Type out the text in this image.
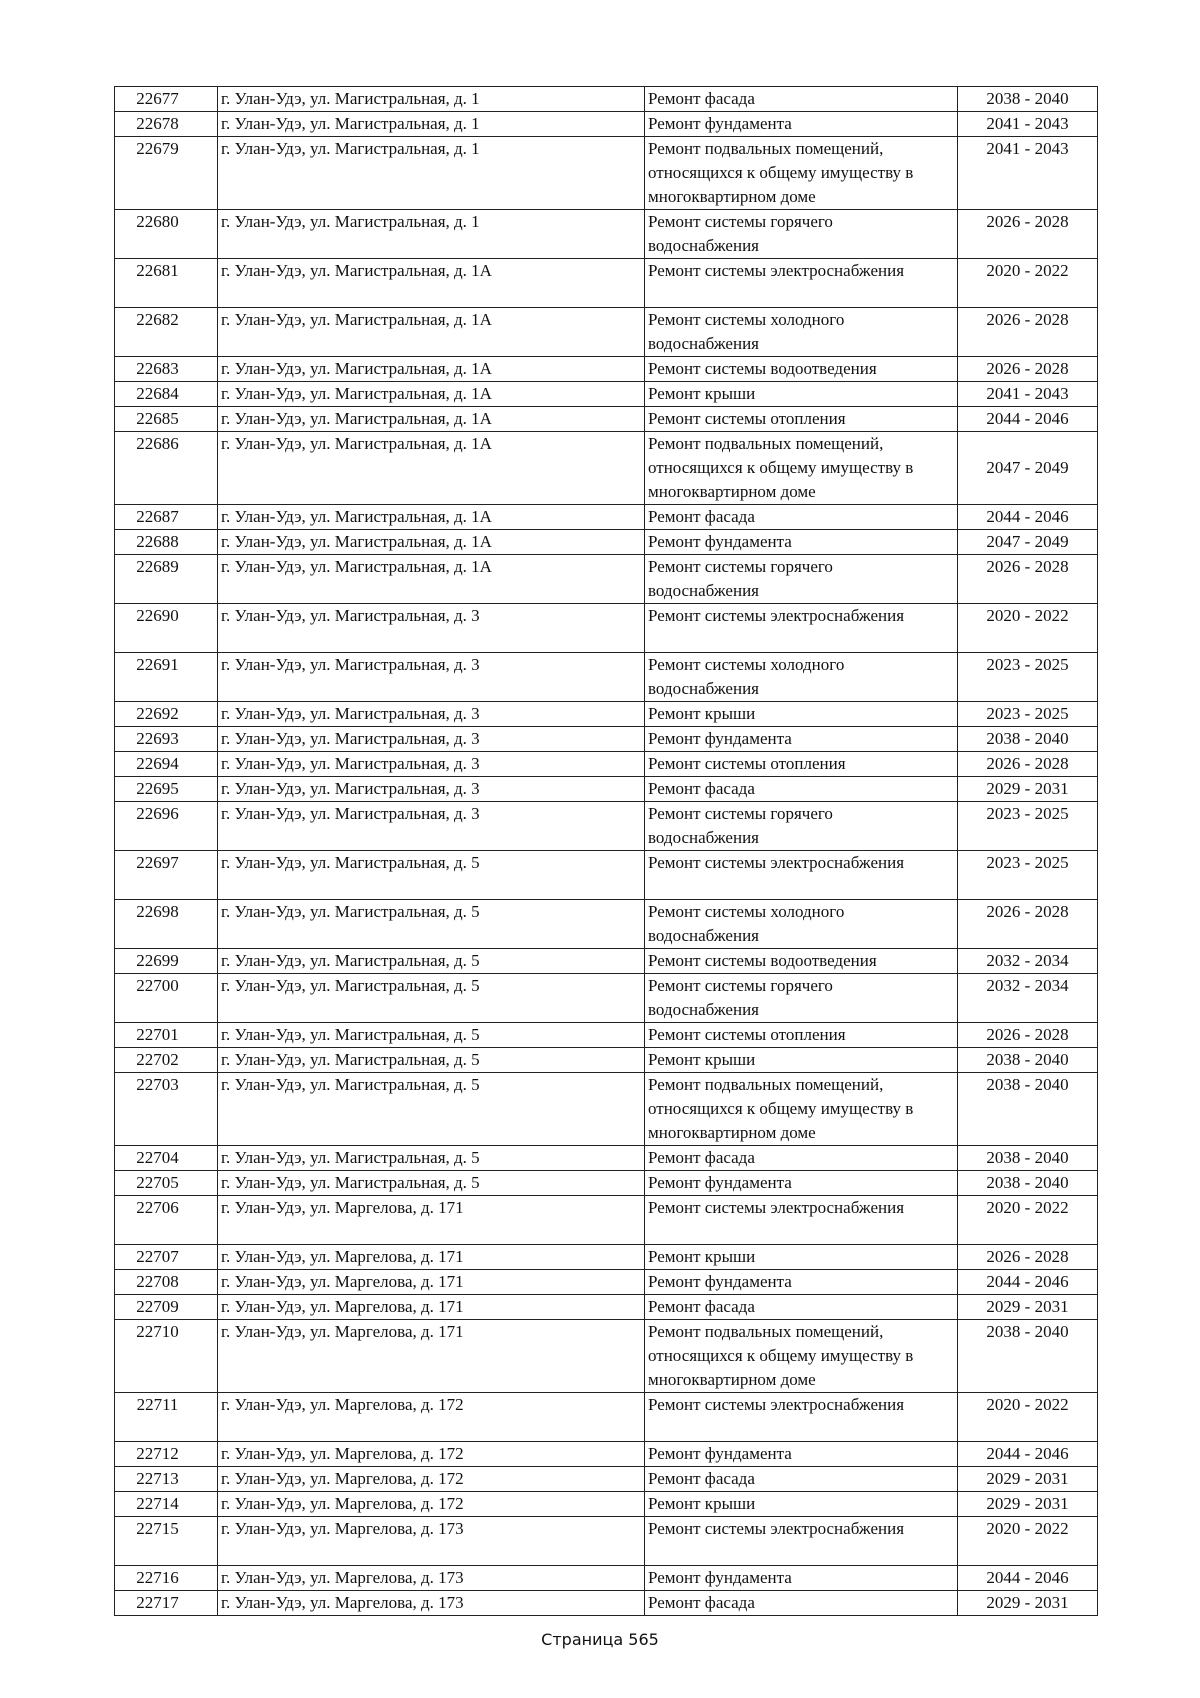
22677	г. Улан-Удэ, ул. Магистральная, д. 1	Ремонт фасада	2038 - 2040
22678	г. Улан-Удэ, ул. Магистральная, д. 1	Ремонт фундамента	2041 - 2043
22679	г. Улан-Удэ, ул. Магистральная, д. 1	Ремонт подвальных помещений,
относящихся к общему имуществу в
многоквартирном доме	2041 - 2043
22680	г. Улан-Удэ, ул. Магистральная, д. 1	Ремонт системы горячего
водоснабжения	2026 - 2028
22681	г. Улан-Удэ, ул. Магистральная, д. 1А	Ремонт системы электроснабжения	2020 - 2022
22682	г. Улан-Удэ, ул. Магистральная, д. 1А	Ремонт системы холодного
водоснабжения	2026 - 2028
22683	г. Улан-Удэ, ул. Магистральная, д. 1А	Ремонт системы водоотведения	2026 - 2028
22684	г. Улан-Удэ, ул. Магистральная, д. 1А	Ремонт крыши	2041 - 2043
22685	г. Улан-Удэ, ул. Магистральная, д. 1А	Ремонт системы отопления	2044 - 2046
22686	г. Улан-Удэ, ул. Магистральная, д. 1А	Ремонт подвальных помещений,
относящихся к общему имуществу в
многоквартирном доме	2047 - 2049
22687	г. Улан-Удэ, ул. Магистральная, д. 1А	Ремонт фасада	2044 - 2046
22688	г. Улан-Удэ, ул. Магистральная, д. 1А	Ремонт фундамента	2047 - 2049
22689	г. Улан-Удэ, ул. Магистральная, д. 1А	Ремонт системы горячего
водоснабжения	2026 - 2028
22690	г. Улан-Удэ, ул. Магистральная, д. 3	Ремонт системы электроснабжения	2020 - 2022
22691	г. Улан-Удэ, ул. Магистральная, д. 3	Ремонт системы холодного
водоснабжения	2023 - 2025
22692	г. Улан-Удэ, ул. Магистральная, д. 3	Ремонт крыши	2023 - 2025
22693	г. Улан-Удэ, ул. Магистральная, д. 3	Ремонт фундамента	2038 - 2040
22694	г. Улан-Удэ, ул. Магистральная, д. 3	Ремонт системы отопления	2026 - 2028
22695	г. Улан-Удэ, ул. Магистральная, д. 3	Ремонт фасада	2029 - 2031
22696	г. Улан-Удэ, ул. Магистральная, д. 3	Ремонт системы горячего
водоснабжения	2023 - 2025
22697	г. Улан-Удэ, ул. Магистральная, д. 5	Ремонт системы электроснабжения	2023 - 2025
22698	г. Улан-Удэ, ул. Магистральная, д. 5	Ремонт системы холодного
водоснабжения	2026 - 2028
22699	г. Улан-Удэ, ул. Магистральная, д. 5	Ремонт системы водоотведения	2032 - 2034
22700	г. Улан-Удэ, ул. Магистральная, д. 5	Ремонт системы горячего
водоснабжения	2032 - 2034
22701	г. Улан-Удэ, ул. Магистральная, д. 5	Ремонт системы отопления	2026 - 2028
22702	г. Улан-Удэ, ул. Магистральная, д. 5	Ремонт крыши	2038 - 2040
22703	г. Улан-Удэ, ул. Магистральная, д. 5	Ремонт подвальных помещений,
относящихся к общему имуществу в
многоквартирном доме	2038 - 2040
22704	г. Улан-Удэ, ул. Магистральная, д. 5	Ремонт фасада	2038 - 2040
22705	г. Улан-Удэ, ул. Магистральная, д. 5	Ремонт фундамента	2038 - 2040
22706	г. Улан-Удэ, ул. Маргелова, д. 171	Ремонт системы электроснабжения	2020 - 2022
22707	г. Улан-Удэ, ул. Маргелова, д. 171	Ремонт крыши	2026 - 2028
22708	г. Улан-Удэ, ул. Маргелова, д. 171	Ремонт фундамента	2044 - 2046
22709	г. Улан-Удэ, ул. Маргелова, д. 171	Ремонт фасада	2029 - 2031
22710	г. Улан-Удэ, ул. Маргелова, д. 171	Ремонт подвальных помещений,
относящихся к общему имуществу в
многоквартирном доме	2038 - 2040
22711	г. Улан-Удэ, ул. Маргелова, д. 172	Ремонт системы электроснабжения	2020 - 2022
22712	г. Улан-Удэ, ул. Маргелова, д. 172	Ремонт фундамента	2044 - 2046
22713	г. Улан-Удэ, ул. Маргелова, д. 172	Ремонт фасада	2029 - 2031
22714	г. Улан-Удэ, ул. Маргелова, д. 172	Ремонт крыши	2029 - 2031
22715	г. Улан-Удэ, ул. Маргелова, д. 173	Ремонт системы электроснабжения	2020 - 2022
22716	г. Улан-Удэ, ул. Маргелова, д. 173	Ремонт фундамента	2044 - 2046
22717	г. Улан-Удэ, ул. Маргелова, д. 173	Ремонт фасада	2029 - 2031
Страница 565
